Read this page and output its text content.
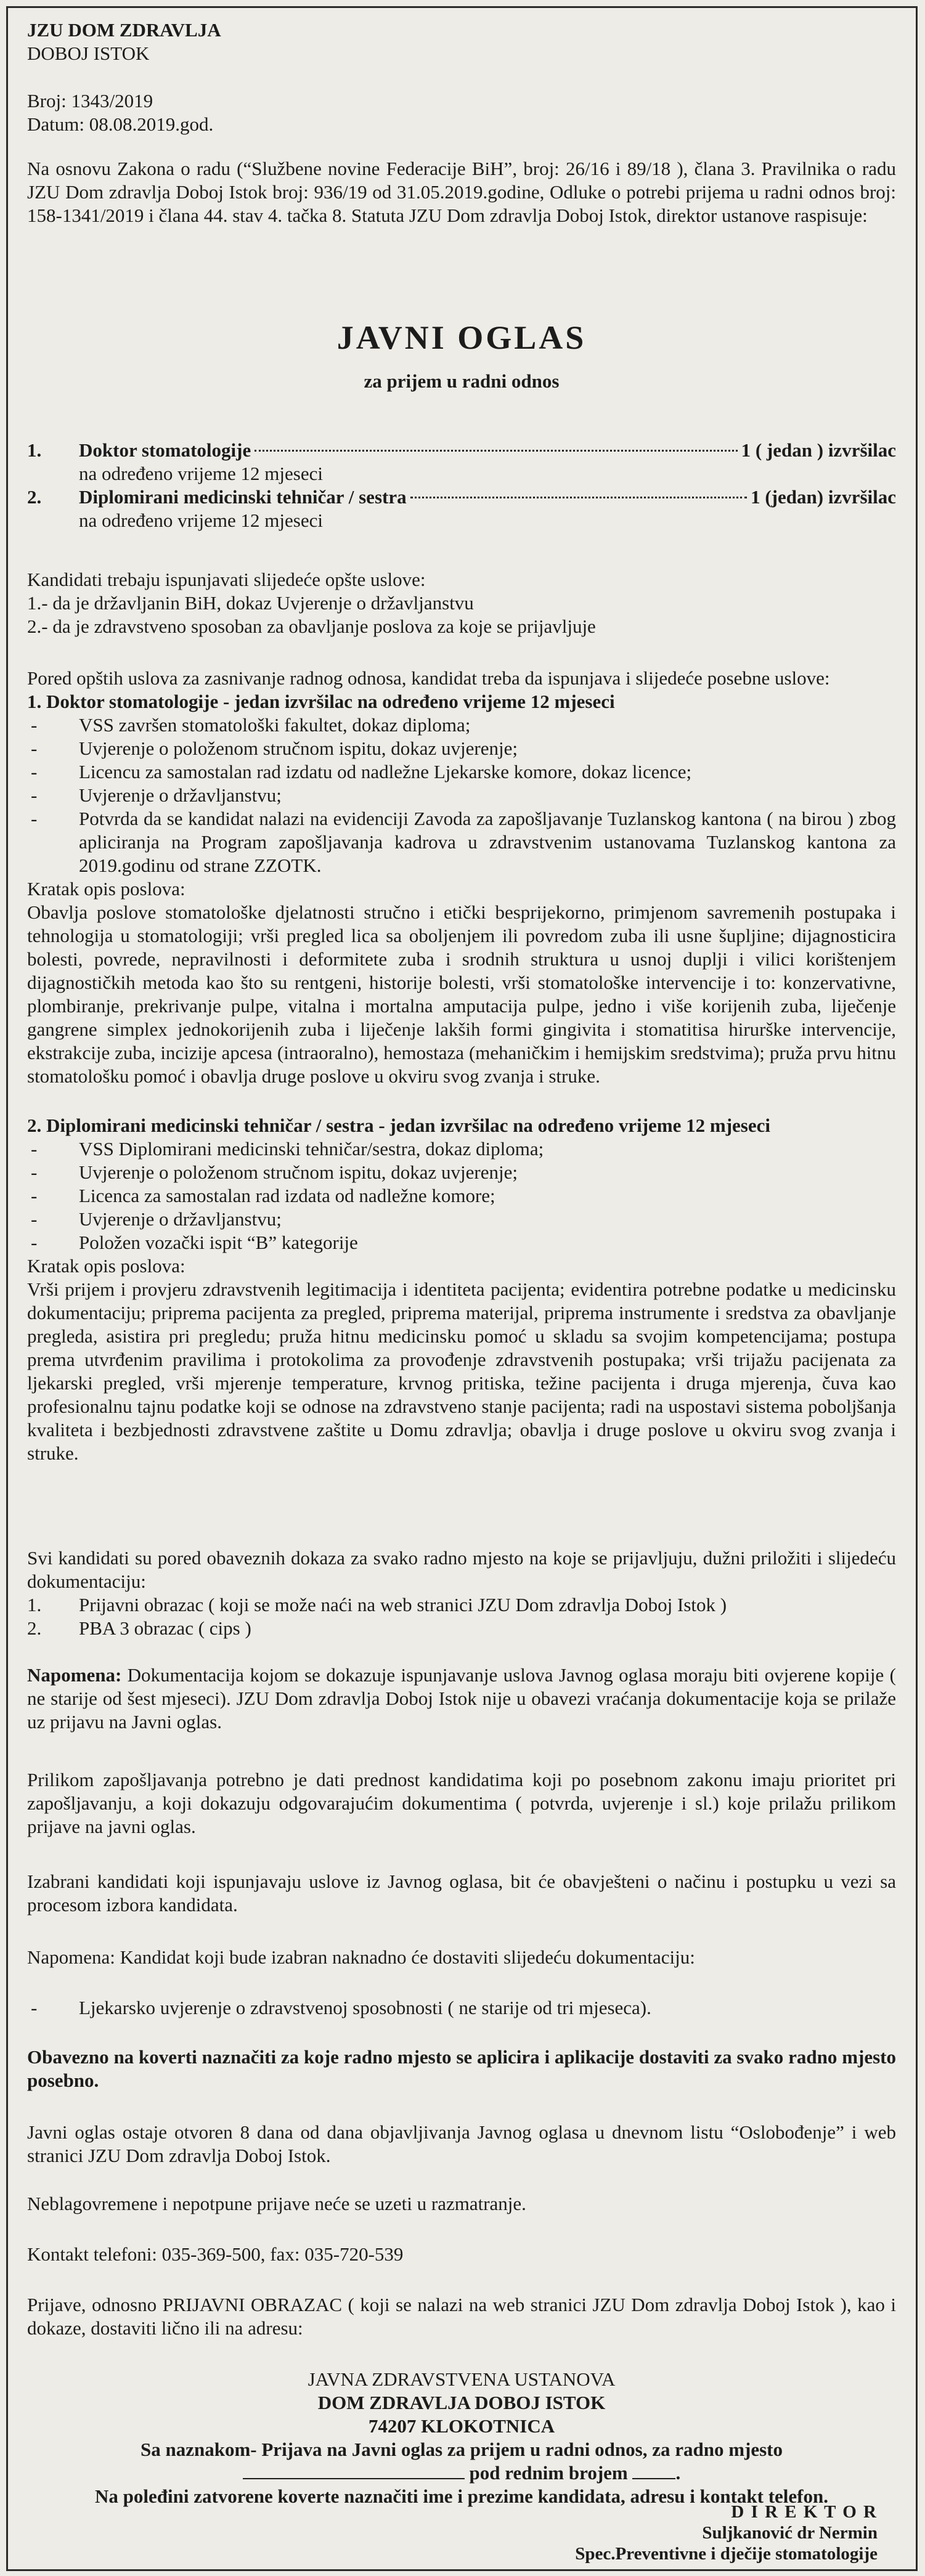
JZU DOM ZDRAVLJA
DOBOJ ISTOK
Broj: 1343/2019
Datum: 08.08.2019.god.
Na osnovu Zakona o radu (“Službene novine Federacije BiH”, broj: 26/16 i 89/18 ), člana 3. Pravilnika o radu JZU Dom zdravlja Doboj Istok broj: 936/19 od 31.05.2019.godine, Odluke o potrebi prijema u radni odnos broj: 158-1341/2019 i člana 44. stav 4. tačka 8. Statuta JZU Dom zdravlja Doboj Istok, direktor ustanove raspisuje:
JAVNI OGLAS
za prijem u radni odnos
1. Doktor stomatologije	1 ( jedan ) izvršilac
na određeno vrijeme 12 mjeseci
2. Diplomirani medicinski tehničar / sestra	1 (jedan) izvršilac
na određeno vrijeme 12 mjeseci
Kandidati trebaju ispunjavati slijedeće opšte uslove:
1.- da je državljanin BiH, dokaz Uvjerenje o državljanstvu
2.- da je zdravstveno sposoban za obavljanje poslova za koje se prijavljuje
Pored opštih uslova za zasnivanje radnog odnosa, kandidat treba da ispunjava i slijedeće posebne uslove:
1. Doktor stomatologije - jedan izvršilac na određeno vrijeme 12 mjeseci
- VSS završen stomatološki fakultet, dokaz diploma;
- Uvjerenje o položenom stručnom ispitu, dokaz uvjerenje;
- Licencu za samostalan rad izdatu od nadležne Ljekarske komore, dokaz licence;
- Uvjerenje o državljanstvu;
- Potvrda da se kandidat nalazi na evidenciji Zavoda za zapošljavanje Tuzlanskog kantona ( na birou ) zbog apliciranja na Program zapošljavanja kadrova u zdravstvenim ustanovama Tuzlanskog kantona za 2019.godinu od strane ZZOTK.
Kratak opis poslova:
Obavlja poslove stomatološke djelatnosti stručno i etički besprijekorno, primjenom savremenih postupaka i tehnologija u stomatologiji; vrši pregled lica sa oboljenjem ili povredom zuba ili usne šupljine; dijagnosticira bolesti, povrede, nepravilnosti i deformitete zuba i srodnih struktura u usnoj duplji i vilici korištenjem dijagnostičkih metoda kao što su rentgeni, historije bolesti, vrši stomatološke intervencije i to: konzervativne, plombiranje, prekrivanje pulpe, vitalna i mortalna amputacija pulpe, jedno i više korijenih zuba, liječenje gangrene simplex jednokorijenih zuba i liječenje lakših formi gingivita i stomatitisa hirurške intervencije, ekstrakcije zuba, incizije apcesa (intraoralno), hemostaza (mehaničkim i hemijskim sredstvima); pruža prvu hitnu stomatološku pomoć i obavlja druge poslove u okviru svog zvanja i struke.
2. Diplomirani medicinski tehničar / sestra - jedan izvršilac na određeno vrijeme 12 mjeseci
- VSS Diplomirani medicinski tehničar/sestra, dokaz diploma;
- Uvjerenje o položenom stručnom ispitu, dokaz uvjerenje;
- Licenca za samostalan rad izdata od nadležne komore;
- Uvjerenje o državljanstvu;
- Položen vozački ispit “B” kategorije
Kratak opis poslova:
Vrši prijem i provjeru zdravstvenih legitimacija i identiteta pacijenta; evidentira potrebne podatke u medicinsku dokumentaciju; priprema pacijenta za pregled, priprema materijal, priprema instrumente i sredstva za obavljanje pregleda, asistira pri pregledu; pruža hitnu medicinsku pomoć u skladu sa svojim kompetencijama; postupa prema utvrđenim pravilima i protokolima za provođenje zdravstvenih postupaka; vrši trijažu pacijenata za ljekarski pregled, vrši mjerenje temperature, krvnog pritiska, težine pacijenta i druga mjerenja, čuva kao profesionalnu tajnu podatke koji se odnose na zdravstveno stanje pacijenta; radi na uspostavi sistema poboljšanja kvaliteta i bezbjednosti zdravstvene zaštite u Domu zdravlja; obavlja i druge poslove u okviru svog zvanja i struke.
Svi kandidati su pored obaveznih dokaza za svako radno mjesto na koje se prijavljuju, dužni priložiti i slijedeću dokumentaciju:
1. Prijavni obrazac ( koji se može naći na web stranici JZU Dom zdravlja Doboj Istok )
2. PBA 3 obrazac ( cips )
Napomena: Dokumentacija kojom se dokazuje ispunjavanje uslova Javnog oglasa moraju biti ovjerene kopije ( ne starije od šest mjeseci). JZU Dom zdravlja Doboj Istok nije u obavezi vraćanja dokumentacije koja se prilaže uz prijavu na Javni oglas.
Prilikom zapošljavanja potrebno je dati prednost kandidatima koji po posebnom zakonu imaju prioritet pri zapošljavanju, a koji dokazuju odgovarajućim dokumentima ( potvrda, uvjerenje i sl.) koje prilažu prilikom prijave na javni oglas.
Izabrani kandidati koji ispunjavaju uslove iz Javnog oglasa, bit će obavješteni o načinu i postupku u vezi sa procesom izbora kandidata.
Napomena: Kandidat koji bude izabran naknadno će dostaviti slijedeću dokumentaciju:
- Ljekarsko uvjerenje o zdravstvenoj sposobnosti ( ne starije od tri mjeseca).
Obavezno na koverti naznačiti za koje radno mjesto se aplicira i aplikacije dostaviti za svako radno mjesto posebno.
Javni oglas ostaje otvoren 8 dana od dana objavljivanja Javnog oglasa u dnevnom listu “Oslobođenje” i web stranici JZU Dom zdravlja Doboj Istok.
Neblagovremene i nepotpune prijave neće se uzeti u razmatranje.
Kontakt telefoni: 035-369-500, fax: 035-720-539
Prijave, odnosno PRIJAVNI OBRAZAC ( koji se nalazi na web stranici JZU Dom zdravlja Doboj Istok ), kao i dokaze, dostaviti lično ili na adresu:
JAVNA ZDRAVSTVENA USTANOVA
DOM ZDRAVLJA DOBOJ ISTOK
74207 KLOKOTNICA
Sa naznakom- Prijava na Javni oglas za prijem u radni odnos, za radno mjesto
pod rednim brojem	.
Na poleđini zatvorene koverte naznačiti ime i prezime kandidata, adresu i kontakt telefon.
D I R E K T O R
Suljkanović dr Nermin
Spec.Preventivne i dječije stomatologije
